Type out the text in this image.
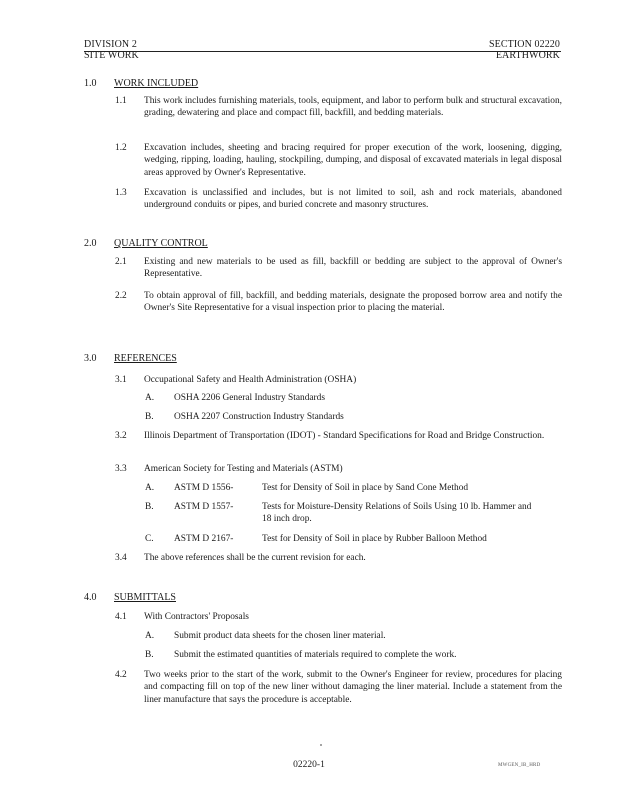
DIVISION 2
SITE WORK
SECTION 02220
EARTHWORK
1.0 WORK INCLUDED
1.1 This work includes furnishing materials, tools, equipment, and labor to perform bulk and structural excavation, grading, dewatering and place and compact fill, backfill, and bedding materials.
1.2 Excavation includes, sheeting and bracing required for proper execution of the work, loosening, digging, wedging, ripping, loading, hauling, stockpiling, dumping, and disposal of excavated materials in legal disposal areas approved by Owner's Representative.
1.3 Excavation is unclassified and includes, but is not limited to soil, ash and rock materials, abandoned underground conduits or pipes, and buried concrete and masonry structures.
2.0 QUALITY CONTROL
2.1 Existing and new materials to be used as fill, backfill or bedding are subject to the approval of Owner's Representative.
2.2 To obtain approval of fill, backfill, and bedding materials, designate the proposed borrow area and notify the Owner's Site Representative for a visual inspection prior to placing the material.
3.0 REFERENCES
3.1 Occupational Safety and Health Administration (OSHA)
A. OSHA 2206 General Industry Standards
B. OSHA 2207 Construction Industry Standards
3.2 Illinois Department of Transportation (IDOT) - Standard Specifications for Road and Bridge Construction.
3.3 American Society for Testing and Materials (ASTM)
A. ASTM D 1556-	Test for Density of Soil in place by Sand Cone Method
B. ASTM D 1557-	Tests for Moisture-Density Relations of Soils Using 10 lb. Hammer and 18 inch drop.
C. ASTM D 2167-	Test for Density of Soil in place by Rubber Balloon Method
3.4 The above references shall be the current revision for each.
4.0 SUBMITTALS
4.1 With Contractors' Proposals
A. Submit product data sheets for the chosen liner material.
B. Submit the estimated quantities of materials required to complete the work.
4.2 Two weeks prior to the start of the work, submit to the Owner's Engineer for review, procedures for placing and compacting fill on top of the new liner without damaging the liner material. Include a statement from the liner manufacture that says the procedure is acceptable.
02220-1	MWGEN_IB_HRD
